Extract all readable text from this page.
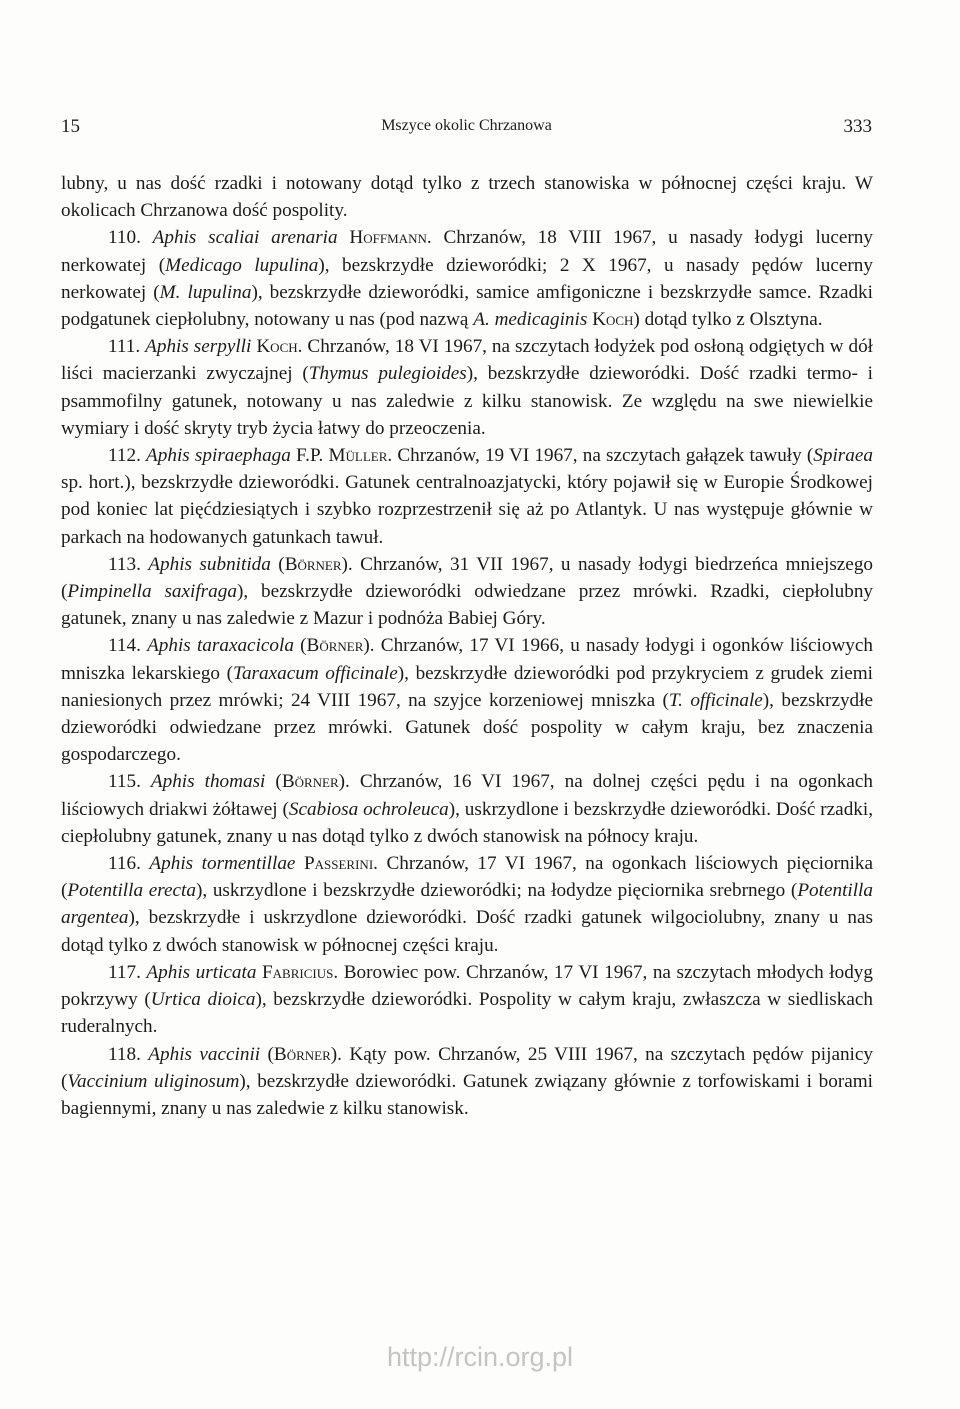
15	Mszyce okolic Chrzanowa	333

lubny, u nas dość rzadki i notowany dotąd tylko z trzech stanowiska w północnej części kraju. W okolicach Chrzanowa dość pospolity.

110. Aphis scaliai arenaria Hoffmann. Chrzanów, 18 VIII 1967, u nasady łodygi lucerny nerkowatej (Medicago lupulina), bezskrzydłe dzieworódki; 2 X 1967, u nasady pędów lucerny nerkowatej (M. lupulina), bezskrzydłe dzieworódki, samice amfigoniczne i bezskrzydłe samce. Rzadki podgatunek ciepłolubny, notowany u nas (pod nazwą A. medicaginis Koch) dotąd tylko z Olsztyna.

111. Aphis serpylli Koch. Chrzanów, 18 VI 1967, na szczytach łodyżek pod osłoną odgiętych w dół liści macierzanki zwyczajnej (Thymus pulegioides), bezskrzydłe dzieworódki. Dość rzadki termo- i psammofilny gatunek, notowany u nas zaledwie z kilku stanowisk. Ze względu na swe niewielkie wymiary i dość skryty tryb życia łatwy do przeoczenia.

112. Aphis spiraephaga F.P. Müller. Chrzanów, 19 VI 1967, na szczytach gałązek tawuły (Spiraea sp. hort.), bezskrzydłe dzieworódki. Gatunek centralnoazjatycki, który pojawił się w Europie Środkowej pod koniec lat pięćdziesiątych i szybko rozprzestrzenił się aż po Atlantyk. U nas występuje głównie w parkach na hodowanych gatunkach tawuł.

113. Aphis subnitida (Börner). Chrzanów, 31 VII 1967, u nasady łodygi biedrzeńca mniejszego (Pimpinella saxifraga), bezskrzydłe dzieworódki odwiedzane przez mrówki. Rzadki, ciepłolubny gatunek, znany u nas zaledwie z Mazur i podnóża Babiej Góry.

114. Aphis taraxacicola (Börner). Chrzanów, 17 VI 1966, u nasady łodygi i ogonków liściowych mniszka lekarskiego (Taraxacum officinale), bezskrzydłe dzieworódki pod przykryciem z grudek ziemi naniesionych przez mrówki; 24 VIII 1967, na szyjce korzeniowej mniszka (T. officinale), bezskrzydłe dzieworódki odwiedzane przez mrówki. Gatunek dość pospolity w całym kraju, bez znaczenia gospodarczego.

115. Aphis thomasi (Börner). Chrzanów, 16 VI 1967, na dolnej części pędu i na ogonkach liściowych driakwi żółtawej (Scabiosa ochroleuca), uskrzydlone i bezskrzydłe dzieworódki. Dość rzadki, ciepłolubny gatunek, znany u nas dotąd tylko z dwóch stanowisk na północy kraju.

116. Aphis tormentillae Passerini. Chrzanów, 17 VI 1967, na ogonkach liściowych pięciornika (Potentilla erecta), uskrzydlone i bezskrzydłe dzieworódki; na łodydze pięciornika srebrnego (Potentilla argentea), bezskrzydłe i uskrzydlone dzieworódki. Dość rzadki gatunek wilgociolubny, znany u nas dotąd tylko z dwóch stanowisk w północnej części kraju.

117. Aphis urticata Fabricius. Borowiec pow. Chrzanów, 17 VI 1967, na szczytach młodych łodyg pokrzywy (Urtica dioica), bezskrzydłe dzieworódki. Pospolity w całym kraju, zwłaszcza w siedliskach ruderalnych.

118. Aphis vaccinii (Börner). Kąty pow. Chrzanów, 25 VIII 1967, na szczytach pędów pijanicy (Vaccinium uliginosum), bezskrzydłe dzieworódki. Gatunek związany głównie z torfowiskami i borami bagiennymi, znany u nas zaledwie z kilku stanowisk.

http://rcin.org.pl
